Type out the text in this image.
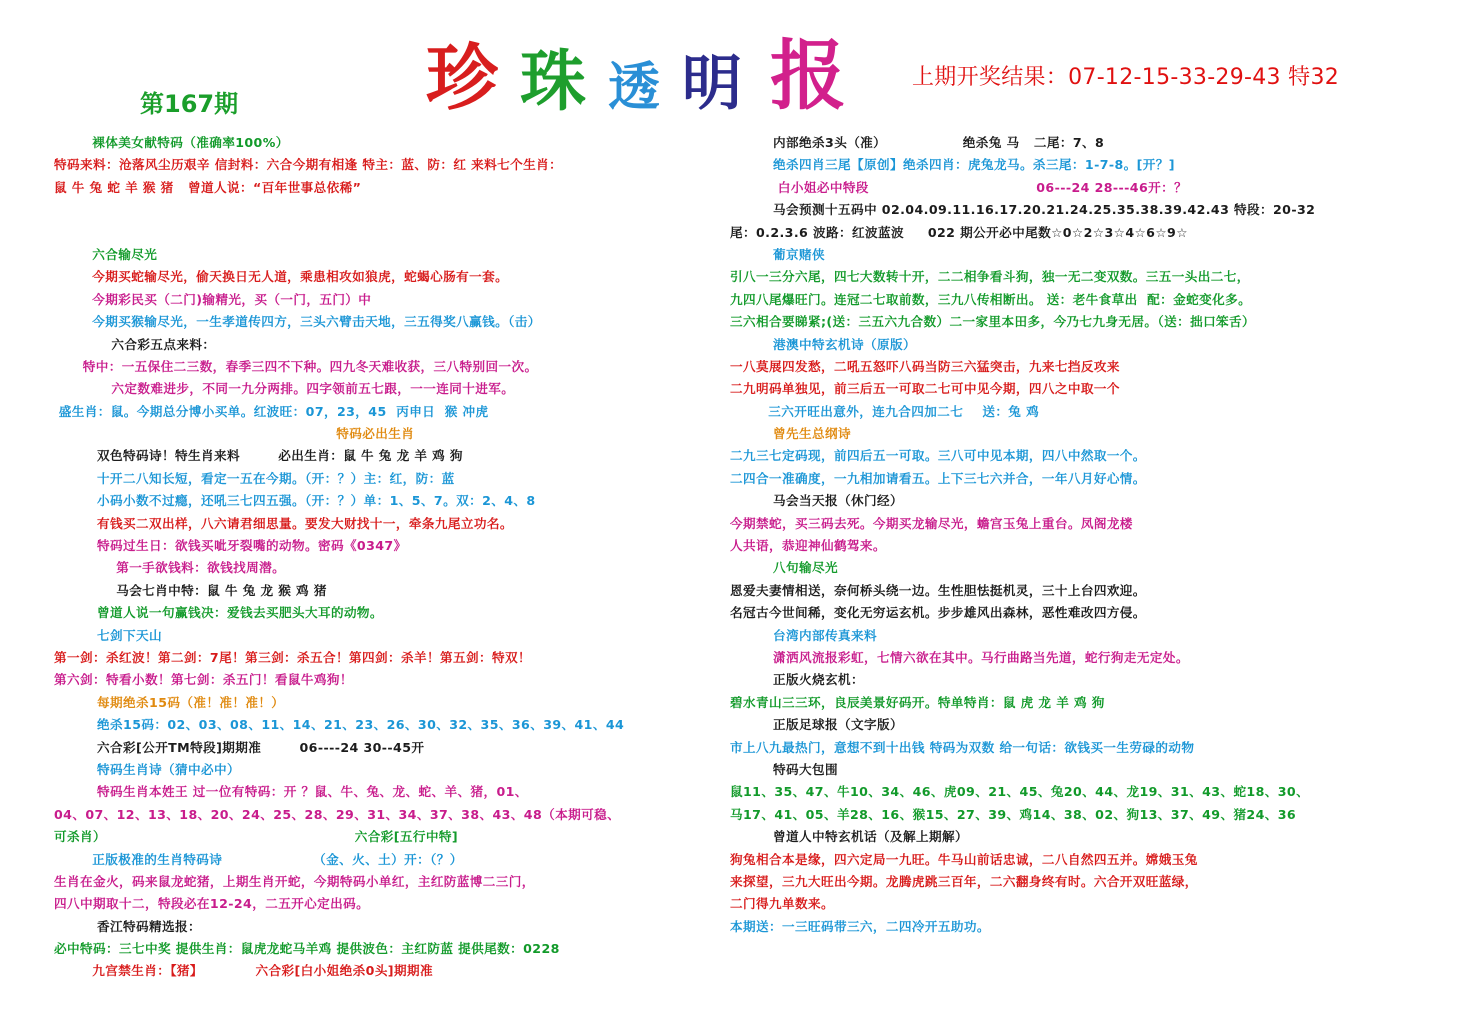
珍 珠 透 明 报
第167期
上期开奖结果：07-12-15-33-29-43 特32
裸体美女献特码（准确率100%）
特码来料：沧落风尘历艰辛 信封料：六合今期有相逢 特主：蓝、防：红 来料七个生肖：
鼠 牛 兔 蛇 羊 猴 猪   曾道人说：“百年世事总依稀”
六合输尽光
今期买蛇输尽光，偷天换日无人道，乘患相攻如狼虎，蛇蝎心肠有一套。
今期彩民买（二门)输精光，买（一门，五门）中
今期买猴输尽光，一生孝道传四方，三头六臂击天地，三五得奖八赢钱。（击）
六合彩五点来料：
特中：一五保住二三数，春季三四不下种。四九冬天难收获，三八特别回一次。
六定数难进步，不同一九分两排。四字领前五七跟，一一连同十进军。
盛生肖：鼠。今期总分博小买单。红波旺：07，23，45  丙申日  猴 冲虎
特码必出生肖
双色特码诗！特生肖来料        必出生肖：鼠 牛 兔 龙 羊 鸡 狗
十开二八知长短，看定一五在今期。（开：？）主：红，防：蓝
小码小数不过瘾，还吼三七四五强。（开：？）单：1、5、7。双：2、4、8
有钱买二双出样，八六请君细思量。要发大财找十一，牵条九尾立功名。
特码过生日：欲钱买呲牙裂嘴的动物。密码《0347》
第一手欲钱料：欲钱找周潜。
马会七肖中特：鼠 牛 兔 龙 猴 鸡 猪
曾道人说一句赢钱决：爱钱去买肥头大耳的动物。
七剑下天山
第一剑：杀红波！第二剑：7尾！第三剑：杀五合！第四剑：杀羊！第五剑：特双！
第六剑：特看小数！第七剑：杀五门！看鼠牛鸡狗！
每期绝杀15码（准！准！准！）
绝杀15码：02、03、08、11、14、21、23、26、30、32、35、36、39、41、44
六合彩[公开TM特段]期期准        06----24 30--45开
特码生肖诗（猜中必中）
特码生肖本姓王 过一位有特码：开 ？鼠、牛、兔、龙、蛇、羊、猪，01、
04、07、12、13、18、20、24、25、28、29、31、34、37、38、43、48（本期可稳、
可杀肖）                                                    六合彩[五行中特]
正版极准的生肖特码诗                   （金、火、土）开：（？）
生肖在金火，码来鼠龙蛇猪，上期生肖开蛇，今期特码小单红，主红防蓝博二三门，
四八中期取十二，特段必在12-24，二五开心定出码。
香江特码精选报：
必中特码：三七中奖 提供生肖：鼠虎龙蛇马羊鸡 提供波色：主红防蓝 提供尾数：0228
九宫禁生肖：【猪】           六合彩[白小姐绝杀0头]期期准
内部绝杀3头（准）                绝杀兔 马   二尾：7、8
绝杀四肖三尾【原创】绝杀四肖：虎兔龙马。杀三尾：1-7-8。[开？]
白小姐必中特段                                   06---24 28---46开：？
马会预测十五码中 02.04.09.11.16.17.20.21.24.25.35.38.39.42.43 特段：20-32
尾：0.2.3.6 波路：红波蓝波     022 期公开必中尾数☆0☆2☆3☆4☆6☆9☆
葡京赌侠
引八一三分六尾，四七大数转十开，二二相争看斗狗，独一无二变双数。三五一头出二七，
九四八尾爆旺门。连冠二七取前数，三九八传相断出。 送：老牛食草出  配：金蛇变化多。
三六相合要睇紧;(送：三五六九合数）二一家里本田多，今乃七九身无居。（送：拙口笨舌）
港澳中特玄机诗（原版）
一八莫展四发愁，二吼五怒吓八码当防三六猛突击，九来七挡反攻来
二九明码单独见，前三后五一可取二七可中见今期，四八之中取一个
三六开旺出意外，连九合四加二七    送：兔 鸡
曾先生总纲诗
二九三七定码现，前四后五一可取。三八可中见本期，四八中然取一个。
二四合一准确度，一九相加请看五。上下三七六并合，一年八月好心情。
马会当天报（休门经）
今期禁蛇，买三码去死。今期买龙输尽光，蟾宫玉兔上重台。凤阁龙楼
人共语，恭迎神仙鹤驾来。
八句输尽光
恩爱夫妻情相送，奈何桥头绕一边。生性胆怯挺机灵，三十上台四欢迎。
名冠古今世间稀，变化无穷运玄机。步步雄风出森林，恶性难改四方侵。
台湾内部传真来料
潇洒风流报彩虹，七情六欲在其中。马行曲路当先道，蛇行狗走无定处。
正版火烧玄机：
碧水青山三三环，良辰美景好码开。特单特肖：鼠 虎 龙 羊 鸡 狗
正版足球报（文字版）
市上八九最热门，意想不到十出钱 特码为双数 给一句话：欲钱买一生劳碌的动物
特码大包围
鼠11、35、47、牛10、34、46、虎09、21、45、兔20、44、龙19、31、43、蛇18、30、
马17、41、05、羊28、16、猴15、27、39、鸡14、38、02、狗13、37、49、猪24、36
曾道人中特玄机话（及解上期解）
狗兔相合本是缘，四六定局一九旺。牛马山前话忠诚，二八自然四五并。嫦娥玉兔
来探望，三九大旺出今期。龙腾虎跳三百年，二六翻身终有时。六合开双旺蓝绿，
二门得九单数来。
本期送：一三旺码带三六，二四冷开五助功。
